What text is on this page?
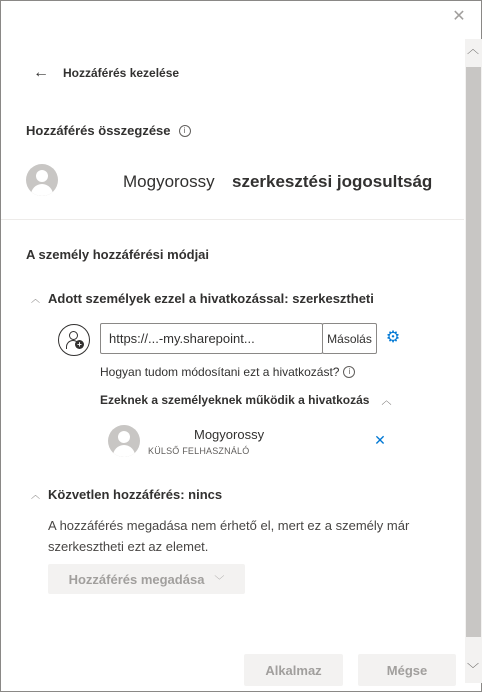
✕
︿
﹀
← Hozzáférés kezelése
Hozzáférés összegzése	i
Mogyorossy szerkesztési jogosultság
A személy hozzáférési módjai
︿ Adott személyek ezzel a hivatkozással: szerkesztheti
+
https://...-my.sharepoint...	Másolás ⚙
Hogyan tudom módosítani ezt a hivatkozást?	i
Ezeknek a személyeknek működik a hivatkozás ︿
Mogyorossy
KÜLSŐ FELHASZNÁLÓ
✕
︿ Közvetlen hozzáférés: nincs
A hozzáférés megadása nem érhető el, mert ez a személy már szerkesztheti ezt az elemet.
Hozzáférés megadása ﹀
Alkalmaz	Mégse
